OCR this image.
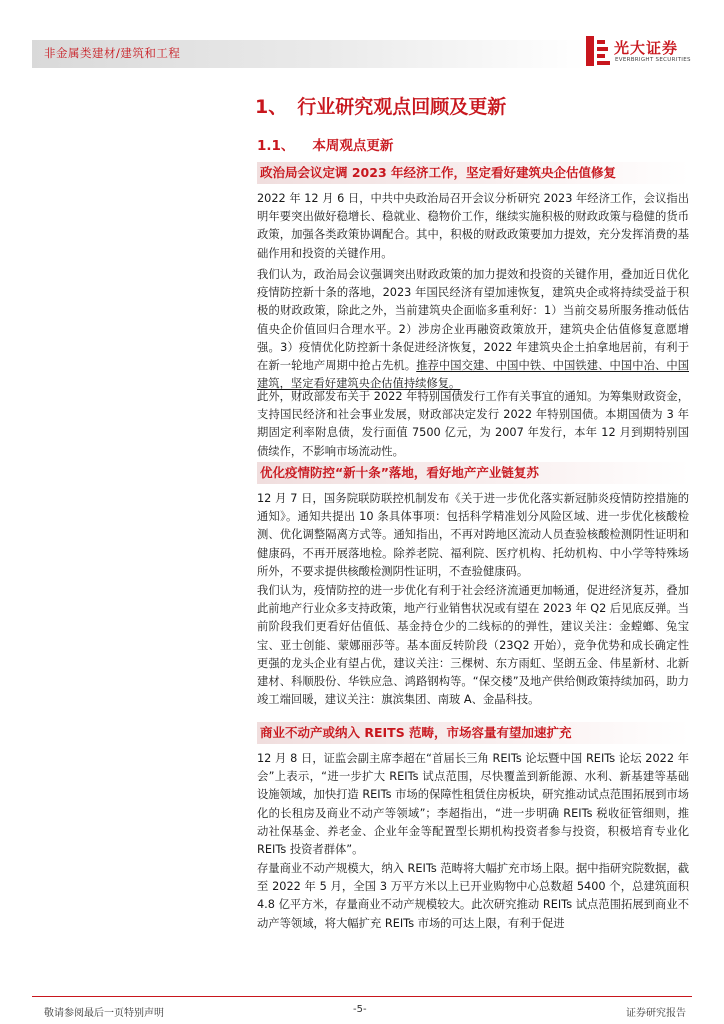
非金属类建材/建筑和工程	光大证券
EVERBRIGHT SECURITIES
1、 行业研究观点回顾及更新
1.1、 本周观点更新
政治局会议定调 2023 年经济工作，坚定看好建筑央企估值修复

2022 年 12 月 6 日，中共中央政治局召开会议分析研究 2023 年经济工作，会议指出明年要突出做好稳增长、稳就业、稳物价工作，继续实施积极的财政政策与稳健的货币政策，加强各类政策协调配合。其中，积极的财政政策要加力提效，充分发挥消费的基础作用和投资的关键作用。

我们认为，政治局会议强调突出财政政策的加力提效和投资的关键作用，叠加近日优化疫情防控新十条的落地，2023 年国民经济有望加速恢复，建筑央企或将持续受益于积极的财政政策，除此之外，当前建筑央企面临多重利好：1）当前交易所服务推动低估值央企价值回归合理水平。2）涉房企业再融资政策放开，建筑央企估值修复意愿增强。3）疫情优化防控新十条促进经济恢复，2022 年建筑央企土拍拿地居前，有利于在新一轮地产周期中抢占先机。推荐中国交建、中国中铁、中国铁建、中国中冶、中国建筑，坚定看好建筑央企估值持续修复。

此外，财政部发布关于 2022 年特别国债发行工作有关事宜的通知。为筹集财政资金，支持国民经济和社会事业发展，财政部决定发行 2022 年特别国债。本期国债为 3 年期固定利率附息债，发行面值 7500 亿元，为 2007 年发行，本年 12 月到期特别国债续作，不影响市场流动性。

优化疫情防控“新十条”落地，看好地产产业链复苏

12 月 7 日，国务院联防联控机制发布《关于进一步优化落实新冠肺炎疫情防控措施的通知》。通知共提出 10 条具体事项：包括科学精准划分风险区域、进一步优化核酸检测、优化调整隔离方式等。通知指出，不再对跨地区流动人员查验核酸检测阴性证明和健康码，不再开展落地检。除养老院、福利院、医疗机构、托幼机构、中小学等特殊场所外，不要求提供核酸检测阴性证明，不查验健康码。

我们认为，疫情防控的进一步优化有利于社会经济流通更加畅通，促进经济复苏，叠加此前地产行业众多支持政策，地产行业销售状况或有望在 2023 年 Q2 后见底反弹。当前阶段我们更看好估值低、基金持仓少的二线标的的弹性，建议关注：金螳螂、兔宝宝、亚士创能、蒙娜丽莎等。基本面反转阶段（23Q2 开始），竞争优势和成长确定性更强的龙头企业有望占优，建议关注：三棵树、东方雨虹、坚朗五金、伟星新材、北新建材、科顺股份、华铁应急、鸿路钢构等。“保交楼”及地产供给侧政策持续加码，助力竣工端回暖，建议关注：旗滨集团、南玻 A、金晶科技。

商业不动产或纳入 REITS 范畴，市场容量有望加速扩充

12 月 8 日，证监会副主席李超在“首届长三角 REITs 论坛暨中国 REITs 论坛 2022 年会”上表示，“进一步扩大 REITs 试点范围，尽快覆盖到新能源、水利、新基建等基础设施领域，加快打造 REITs 市场的保障性租赁住房板块，研究推动试点范围拓展到市场化的长租房及商业不动产等领域”；李超指出，“进一步明确 REITs 税收征管细则，推动社保基金、养老金、企业年金等配置型长期机构投资者参与投资，积极培育专业化 REITs 投资者群体”。

存量商业不动产规模大，纳入 REITs 范畴将大幅扩充市场上限。据中指研究院数据，截至 2022 年 5 月，全国 3 万平方米以上已开业购物中心总数超 5400 个，总建筑面积 4.8 亿平方米，存量商业不动产规模较大。此次研究推动 REITs 试点范围拓展到商业不动产等领域，将大幅扩充 REITs 市场的可达上限，有利于促进

敬请参阅最后一页特别声明	-5-	证券研究报告
